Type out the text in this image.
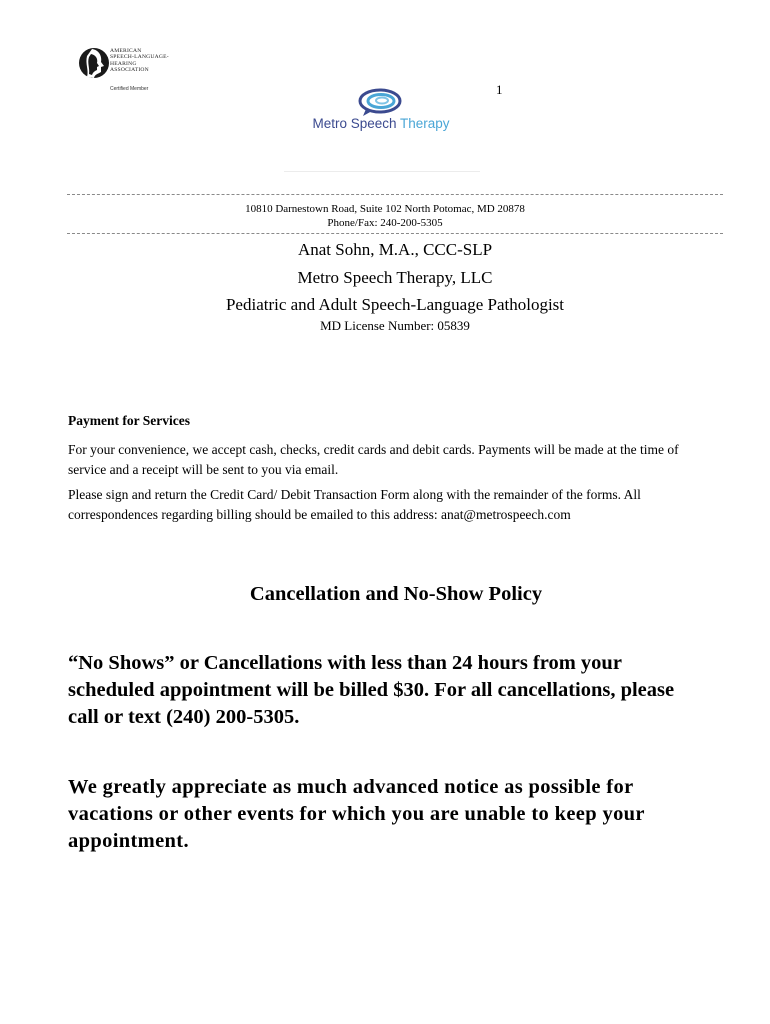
AMERICAN
SPEECH-LANGUAGE-
HEARING
ASSOCIATION
Certified Member	1
Metro Speech Therapy
10810 Darnestown Road, Suite 102 North Potomac, MD 20878
Phone/Fax: 240-200-5305
Anat Sohn, M.A., CCC-SLP
Metro Speech Therapy, LLC
Pediatric and Adult Speech-Language Pathologist
MD License Number: 05839
Payment for Services
For your convenience, we accept cash, checks, credit cards and debit cards. Payments will be made at the time of service and a receipt will be sent to you via email.
Please sign and return the Credit Card/ Debit Transaction Form along with the remainder of the forms. All correspondences regarding billing should be emailed to this address: anat@metrospeech.com
Cancellation and No-Show Policy
“No Shows” or Cancellations with less than 24 hours from your scheduled appointment will be billed $30. For all cancellations, please call or text (240) 200-5305.
We greatly appreciate as much advanced notice as possible for vacations or other events for which you are unable to keep your appointment.
